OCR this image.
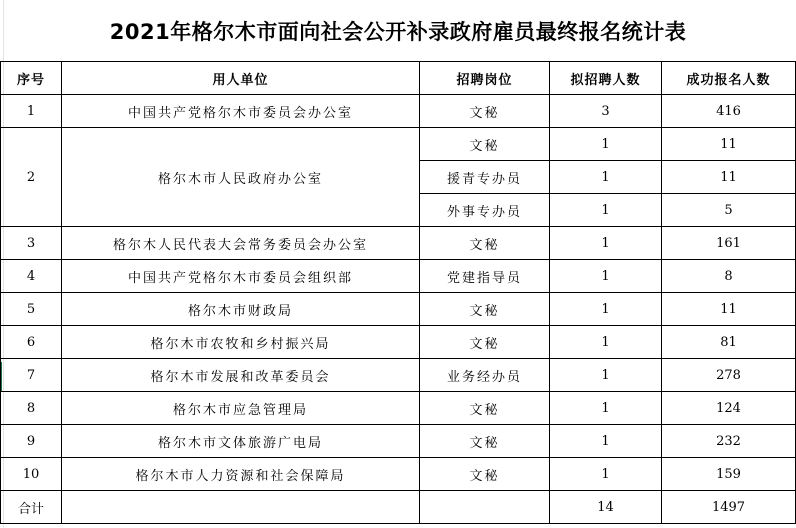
2021年格尔木市面向社会公开补录政府雇员最终报名统计表
序号	用人单位	招聘岗位	拟招聘人数	成功报名人数
1	中国共产党格尔木市委员会办公室	文秘	3	416
2	格尔木市人民政府办公室	文秘	1	11
		援青专办员	1	11
		外事专办员	1	5
3	格尔木人民代表大会常务委员会办公室	文秘	1	161
4	中国共产党格尔木市委员会组织部	党建指导员	1	8
5	格尔木市财政局	文秘	1	11
6	格尔木市农牧和乡村振兴局	文秘	1	81
7	格尔木市发展和改革委员会	业务经办员	1	278
8	格尔木市应急管理局	文秘	1	124
9	格尔木市文体旅游广电局	文秘	1	232
10	格尔木市人力资源和社会保障局	文秘	1	159
合计			14	1497
